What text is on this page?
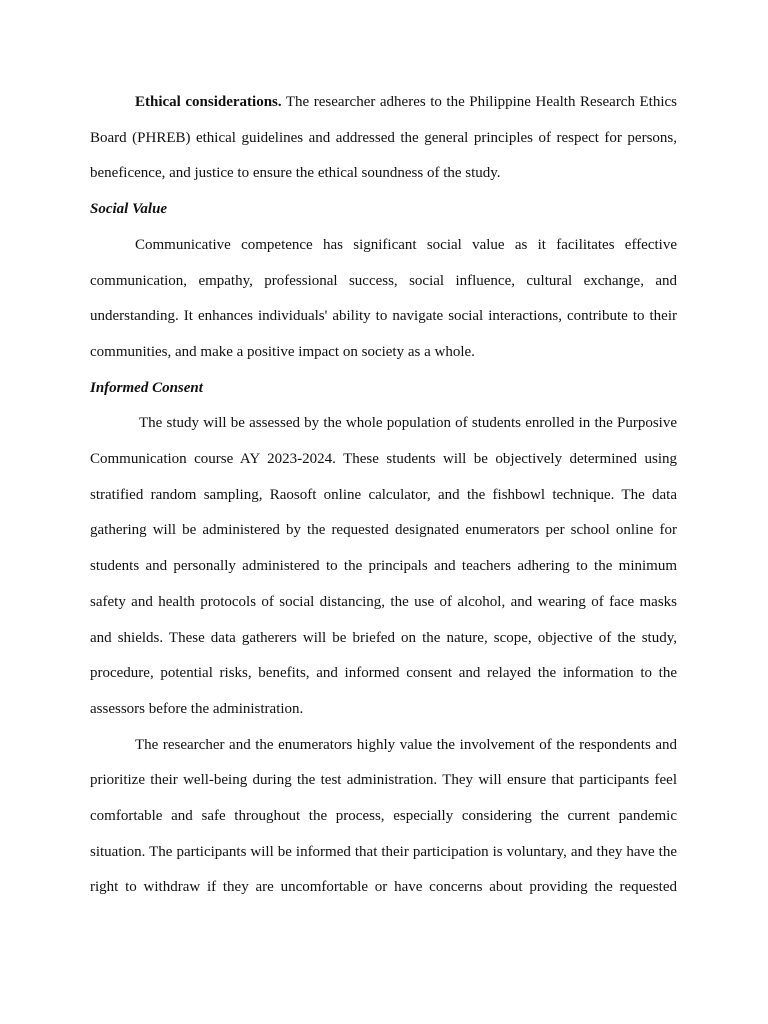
Ethical considerations. The researcher adheres to the Philippine Health Research Ethics Board (PHREB) ethical guidelines and addressed the general principles of respect for persons, beneficence, and justice to ensure the ethical soundness of the study.

Social Value

Communicative competence has significant social value as it facilitates effective communication, empathy, professional success, social influence, cultural exchange, and understanding. It enhances individuals' ability to navigate social interactions, contribute to their communities, and make a positive impact on society as a whole.

Informed Consent

The study will be assessed by the whole population of students enrolled in the Purposive Communication course AY 2023-2024. These students will be objectively determined using stratified random sampling, Raosoft online calculator, and the fishbowl technique. The data gathering will be administered by the requested designated enumerators per school online for students and personally administered to the principals and teachers adhering to the minimum safety and health protocols of social distancing, the use of alcohol, and wearing of face masks and shields. These data gatherers will be briefed on the nature, scope, objective of the study, procedure, potential risks, benefits, and informed consent and relayed the information to the assessors before the administration.

The researcher and the enumerators highly value the involvement of the respondents and prioritize their well-being during the test administration. They will ensure that participants feel comfortable and safe throughout the process, especially considering the current pandemic situation. The participants will be informed that their participation is voluntary, and they have the right to withdraw if they are uncomfortable or have concerns about providing the requested
